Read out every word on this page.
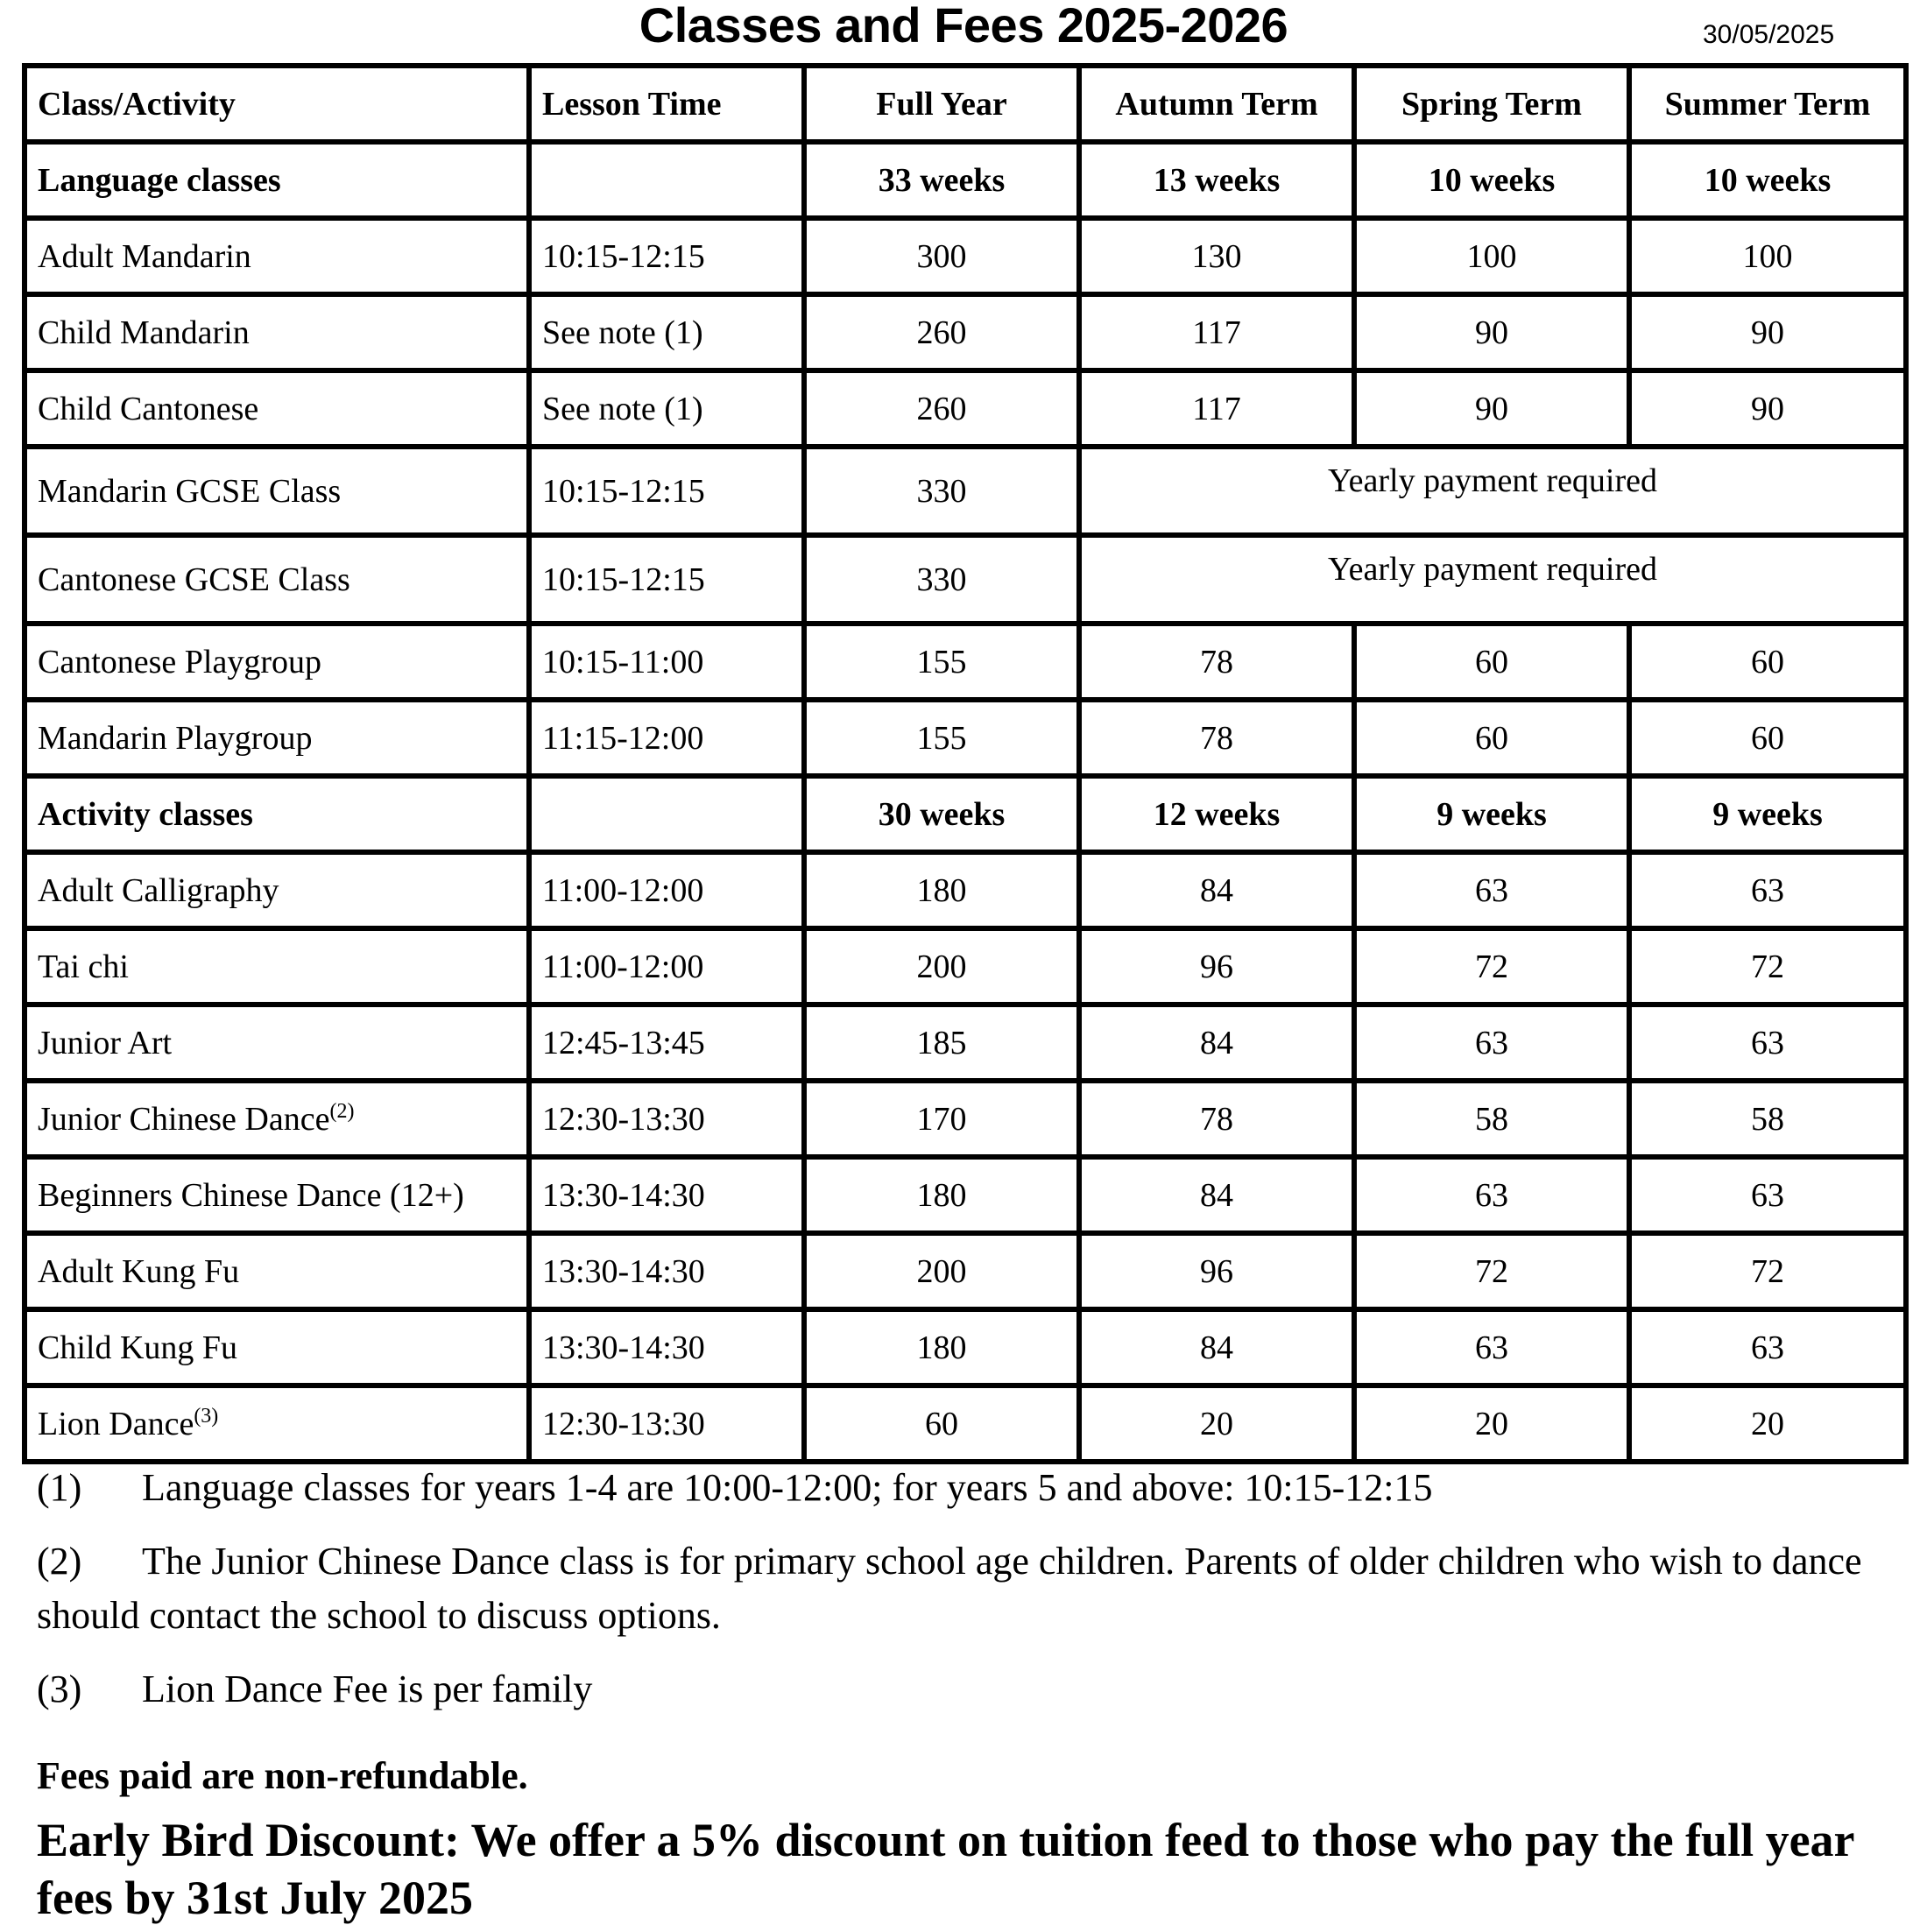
Classes and Fees 2025-2026	30/05/2025
Class/Activity	Lesson Time	Full Year	Autumn Term	Spring Term	Summer Term
Language classes		33 weeks	13 weeks	10 weeks	10 weeks
Adult Mandarin	10:15-12:15	300	130	100	100
Child Mandarin	See note (1)	260	117	90	90
Child Cantonese	See note (1)	260	117	90	90
Mandarin GCSE Class	10:15-12:15	330	Yearly payment required		
Cantonese GCSE Class	10:15-12:15	330	Yearly payment required		
Cantonese Playgroup	10:15-11:00	155	78	60	60
Mandarin Playgroup	11:15-12:00	155	78	60	60
Activity classes		30 weeks	12 weeks	9 weeks	9 weeks
Adult Calligraphy	11:00-12:00	180	84	63	63
Tai chi	11:00-12:00	200	96	72	72
Junior Art	12:45-13:45	185	84	63	63
Junior Chinese Dance$^{(2)}$	12:30-13:30	170	78	58	58
Beginners Chinese Dance (12+)	13:30-14:30	180	84	63	63
Adult Kung Fu	13:30-14:30	200	96	72	72
Child Kung Fu	13:30-14:30	180	84	63	63
Lion Dance$^{(3)}$	12:30-13:30	60	20	20	20

(1) Language classes for years 1-4 are 10:00-12:00; for years 5 and above: 10:15-12:15

(2) The Junior Chinese Dance class is for primary school age children. Parents of older children who wish to dance should contact the school to discuss options.

(3) Lion Dance Fee is per family

Fees paid are non-refundable.
Early Bird Discount: We offer a 5% discount on tuition feed to those who pay the full year fees by 31st July 2025
